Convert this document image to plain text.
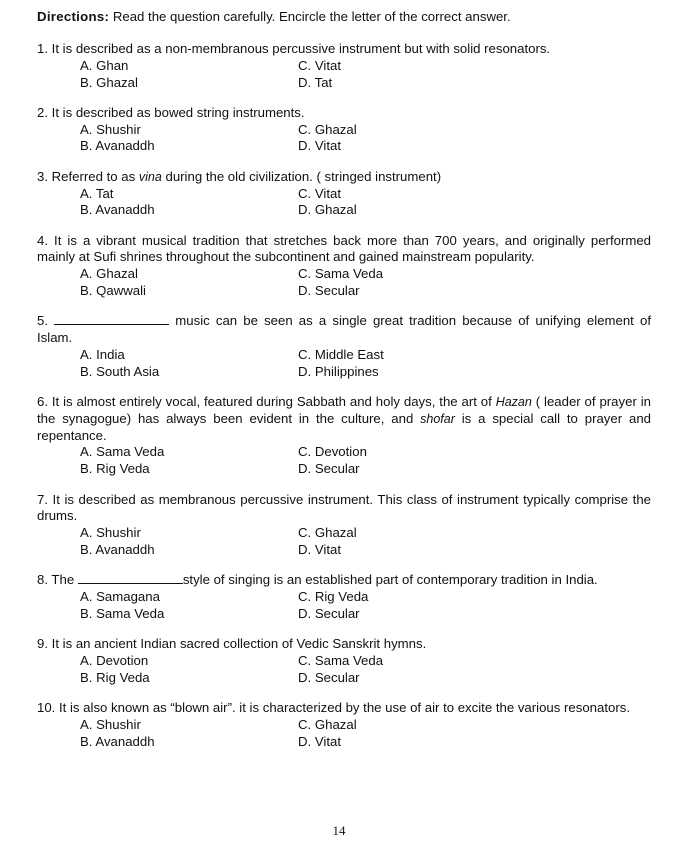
Directions: Read the question carefully. Encircle the letter of the correct answer.
1. It is described as a non-membranous percussive instrument but with solid resonators.
A. Ghan	C. Vitat
B. Ghazal	D. Tat
2. It is described as bowed string instruments.
A. Shushir	C. Ghazal
B. Avanaddh	D. Vitat
3. Referred to as vina during the old civilization. ( stringed instrument)
A. Tat	C. Vitat
B. Avanaddh	D. Ghazal
4. It is a vibrant musical tradition that stretches back more than 700 years, and originally performed mainly at Sufi shrines throughout the subcontinent and gained mainstream popularity.
A. Ghazal	C. Sama Veda
B. Qawwali	D. Secular
5.	music can be seen as a single great tradition because of unifying element of Islam.
A. India	C. Middle East
B. South Asia	D. Philippines
6. It is almost entirely vocal, featured during Sabbath and holy days, the art of Hazan ( leader of prayer in the synagogue) has always been evident in the culture, and shofar is a special call to prayer and repentance.
A. Sama Veda	C. Devotion
B. Rig Veda	D. Secular
7. It is described as membranous percussive instrument. This class of instrument typically comprise the drums.
A. Shushir	C. Ghazal
B. Avanaddh	D. Vitat
8. The	style of singing is an established part of contemporary tradition in India.
A. Samagana	C. Rig Veda
B. Sama Veda	D. Secular
9. It is an ancient Indian sacred collection of Vedic Sanskrit hymns.
A. Devotion	C. Sama Veda
B. Rig Veda	D. Secular
10. It is also known as “blown air”. it is characterized by the use of air to excite the various resonators.
A. Shushir	C. Ghazal
B. Avanaddh	D. Vitat
14
